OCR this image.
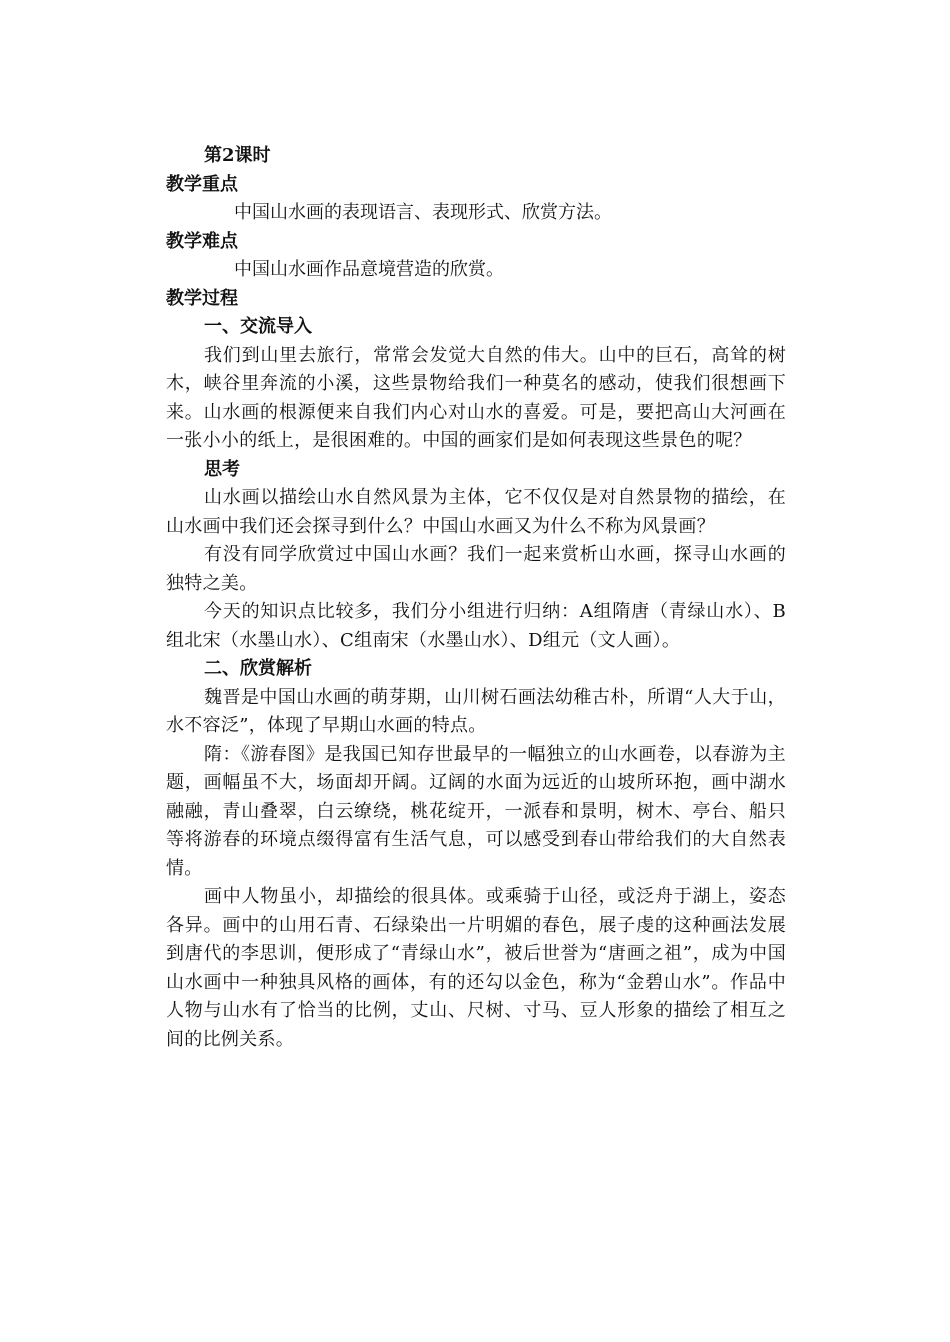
第2课时

教学重点

中国山水画的表现语言、表现形式、欣赏方法。

教学难点

中国山水画作品意境营造的欣赏。

教学过程

一、交流导入

我们到山里去旅行，常常会发觉大自然的伟大。山中的巨石，高耸的树木，峡谷里奔流的小溪，这些景物给我们一种莫名的感动，使我们很想画下来。山水画的根源便来自我们内心对山水的喜爱。可是，要把高山大河画在一张小小的纸上，是很困难的。中国的画家们是如何表现这些景色的呢？

思考

山水画以描绘山水自然风景为主体，它不仅仅是对自然景物的描绘，在山水画中我们还会探寻到什么？中国山水画又为什么不称为风景画？

有没有同学欣赏过中国山水画？我们一起来赏析山水画，探寻山水画的独特之美。

今天的知识点比较多，我们分小组进行归纳：A组隋唐（青绿山水）、B组北宋（水墨山水）、C组南宋（水墨山水）、D组元（文人画）。

二、欣赏解析

魏晋是中国山水画的萌芽期，山川树石画法幼稚古朴，所谓“人大于山，水不容泛”，体现了早期山水画的特点。

隋：《游春图》是我国已知存世最早的一幅独立的山水画卷，以春游为主题，画幅虽不大，场面却开阔。辽阔的水面为远近的山坡所环抱，画中湖水融融，青山叠翠，白云缭绕，桃花绽开，一派春和景明，树木、亭台、船只等将游春的环境点缀得富有生活气息，可以感受到春山带给我们的大自然表情。

画中人物虽小，却描绘的很具体。或乘骑于山径，或泛舟于湖上，姿态各异。画中的山用石青、石绿染出一片明媚的春色，展子虔的这种画法发展到唐代的李思训，便形成了“青绿山水”，被后世誉为“唐画之祖”，成为中国山水画中一种独具风格的画体，有的还勾以金色，称为“金碧山水”。作品中人物与山水有了恰当的比例，丈山、尺树、寸马、豆人形象的描绘了相互之间的比例关系。
